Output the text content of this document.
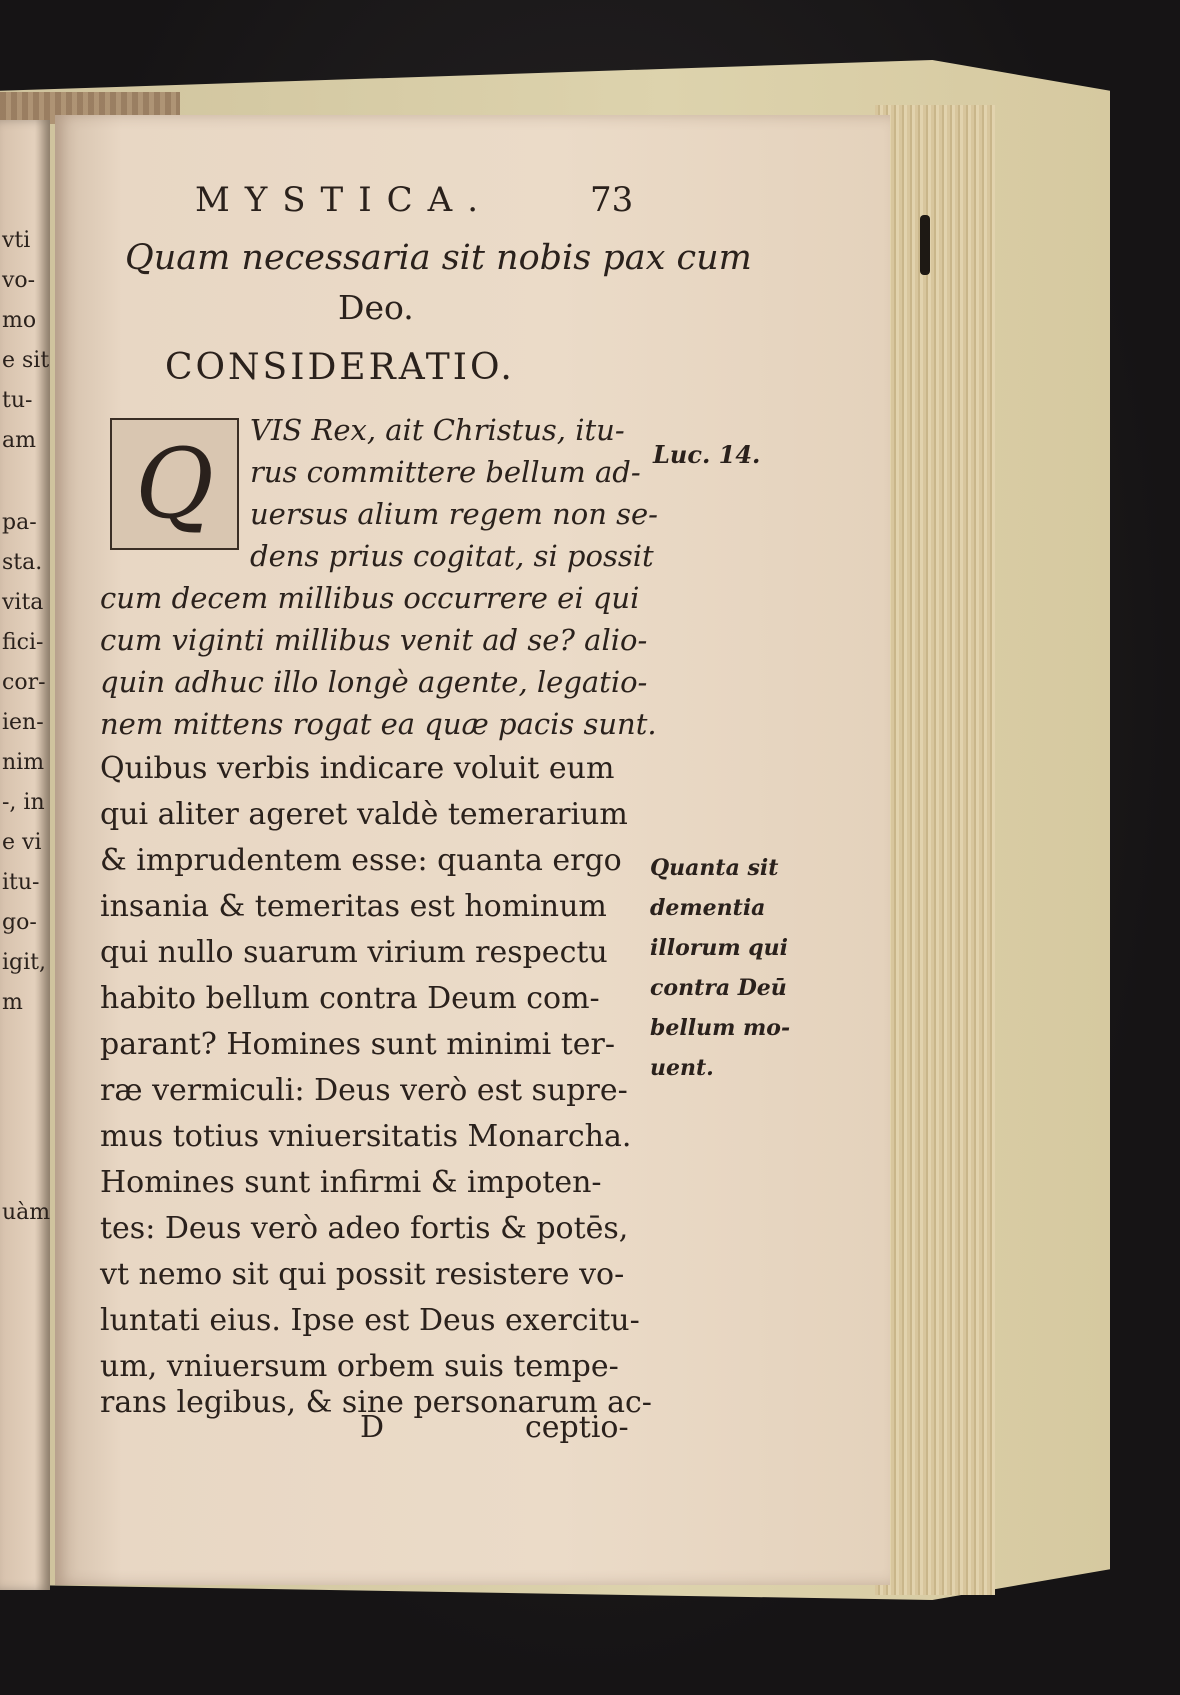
vti
vo-
mo
e sit
tu-
am
pa-
sta.
vita
fici-
cor-
ien-
nim
-, in
e vi
itu-
go-
igit,
m
uàm
MYSTICA.	73
Quam necessaria sit nobis pax cum
Deo.
CONSIDERATIO.
Q VIS Rex, ait Christus, itu-
rus committere bellum ad-
uersus alium regem non se-
dens prius cogitat, si possit
cum decem millibus occurrere ei qui
cum viginti millibus venit ad se? alio-
quin adhuc illo longè agente, legatio-
nem mittens rogat ea quæ pacis sunt.
Quibus verbis indicare voluit eum
qui aliter ageret valdè temerarium
& imprudentem esse: quanta ergo
insania & temeritas est hominum
qui nullo suarum virium respectu
habito bellum contra Deum com-
parant? Homines sunt minimi ter-
ræ vermiculi: Deus verò est supre-
mus totius vniuersitatis Monarcha.
Homines sunt infirmi & impoten-
tes: Deus verò adeo fortis & potēs,
vt nemo sit qui possit resistere vo-
luntati eius. Ipse est Deus exercitu-
um, vniuersum orbem suis tempe-
rans legibus, & sine personarum ac-
Luc. 14.
Quanta sit
dementia
illorum qui
contra Deū
bellum mo-
uent.
D	ceptio-
